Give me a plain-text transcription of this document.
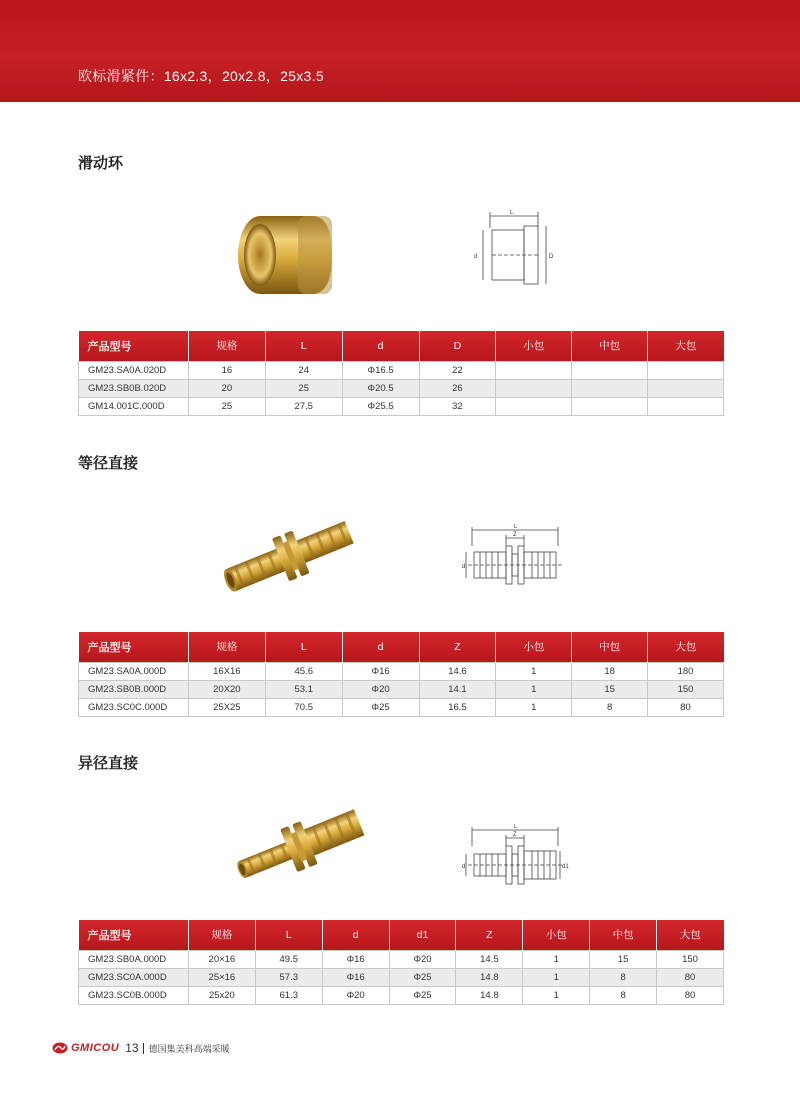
欧标滑紧件：16x2.3，20x2.8，25x3.5
滑动环
L
d	D
产品型号	规格	L	d	D	小包	中包	大包
GM23.SA0A.020D	16	24	Φ16.5	22			
GM23.SB0B.020D	20	25	Φ20.5	26			
GM14.001C.000D	25	27.5	Φ25.5	32			
等径直接
L
Z
d
产品型号	规格	L	d	Z	小包	中包	大包
GM23.SA0A.000D	16X16	45.6	Φ16	14.6	1	18	180
GM23.SB0B.000D	20X20	53.1	Φ20	14.1	1	15	150
GM23.SC0C.000D	25X25	70.5	Φ25	16.5	1	8	80
异径直接
L
Z
d	d1
产品型号	规格	L	d	d1	Z	小包	中包	大包
GM23.SB0A.000D	20×16	49.5	Φ16	Φ20	14.5	1	15	150
GM23.SC0A.000D	25×16	57.3	Φ16	Φ25	14.8	1	8	80
GM23.SC0B.000D	25x20	61.3	Φ20	Φ25	14.8	1	8	80
GMICOU 13 德国集美科高端采暖
